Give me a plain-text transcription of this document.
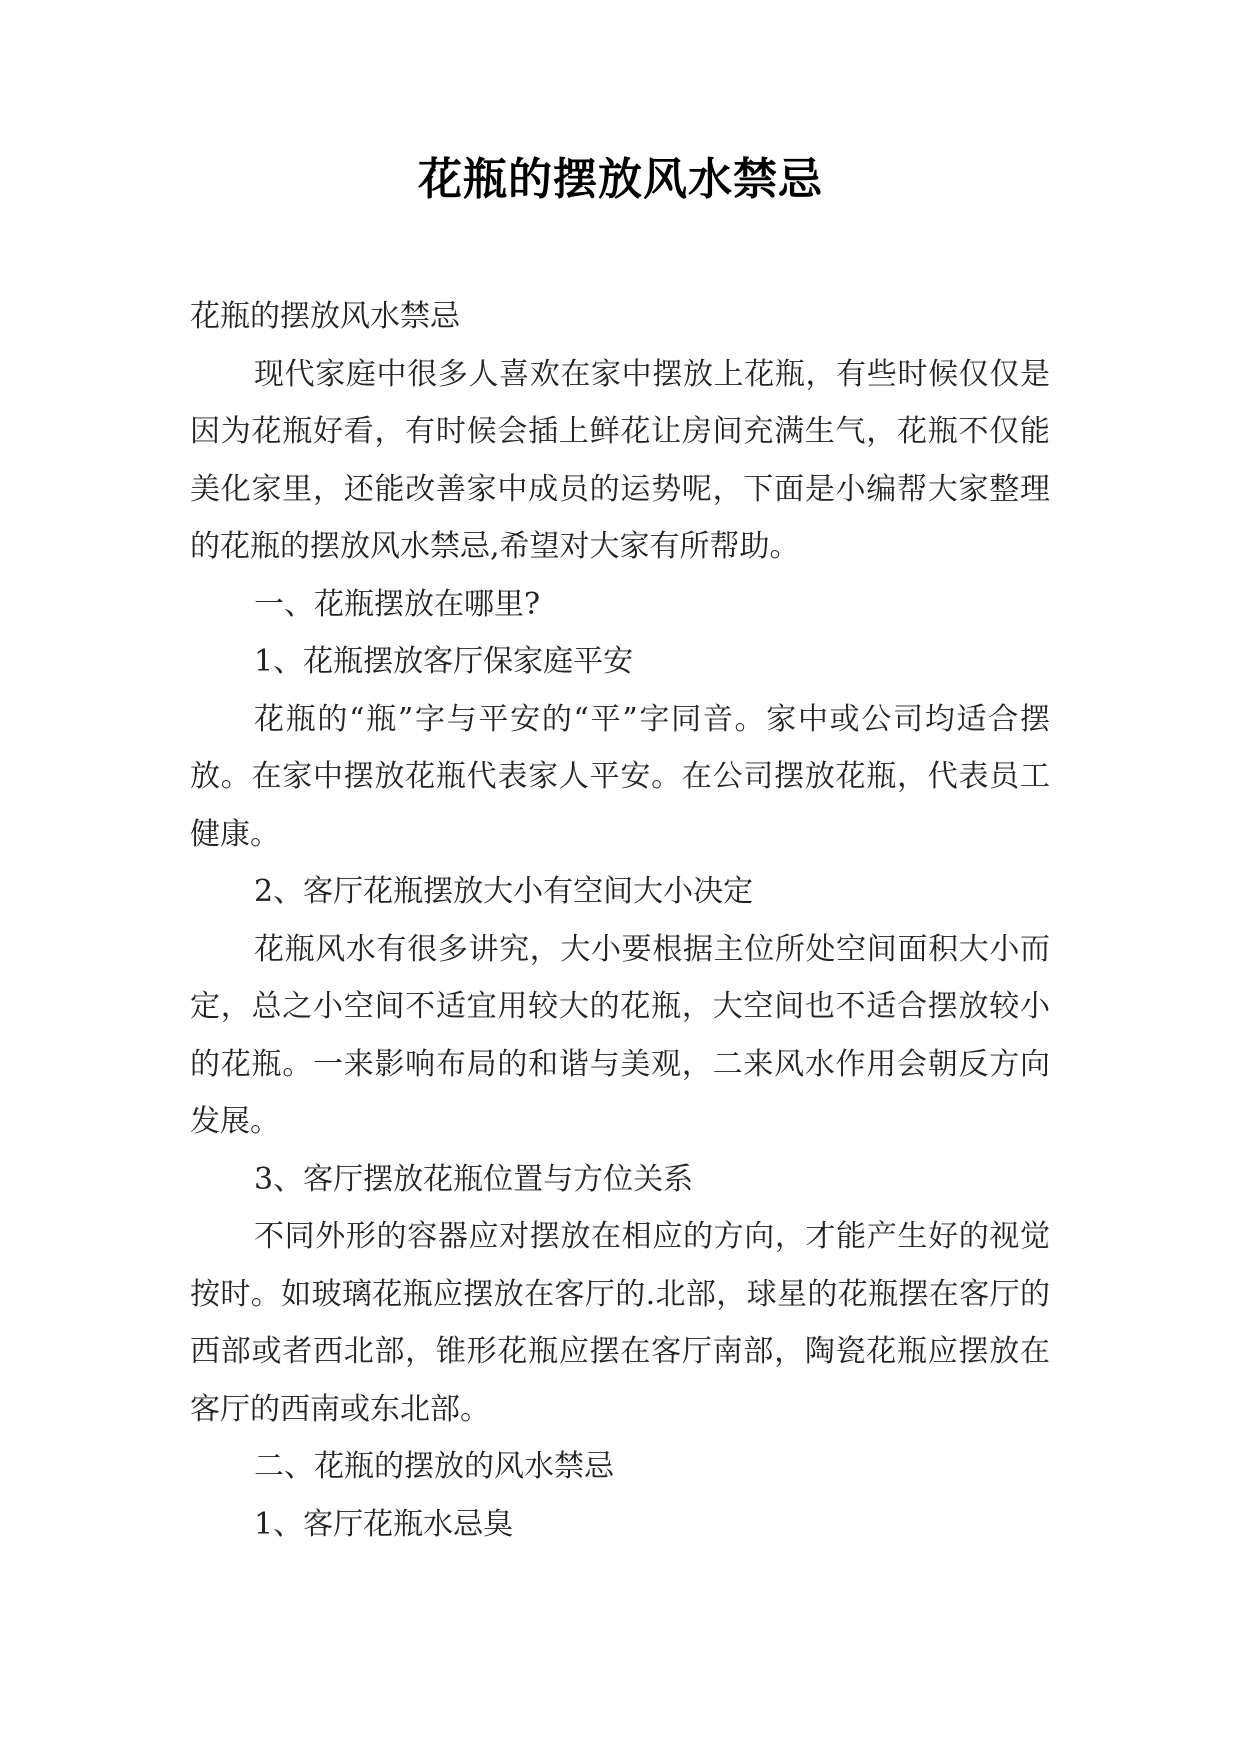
花瓶的摆放风水禁忌

花瓶的摆放风水禁忌

现代家庭中很多人喜欢在家中摆放上花瓶，有些时候仅仅是因为花瓶好看，有时候会插上鲜花让房间充满生气，花瓶不仅能美化家里，还能改善家中成员的运势呢，下面是小编帮大家整理的花瓶的摆放风水禁忌,希望对大家有所帮助。

一、花瓶摆放在哪里?

1、花瓶摆放客厅保家庭平安

花瓶的“瓶”字与平安的“平”字同音。家中或公司均适合摆放。在家中摆放花瓶代表家人平安。在公司摆放花瓶，代表员工健康。

2、客厅花瓶摆放大小有空间大小决定

花瓶风水有很多讲究，大小要根据主位所处空间面积大小而定，总之小空间不适宜用较大的花瓶，大空间也不适合摆放较小的花瓶。一来影响布局的和谐与美观，二来风水作用会朝反方向发展。

3、客厅摆放花瓶位置与方位关系

不同外形的容器应对摆放在相应的方向，才能产生好的视觉按时。如玻璃花瓶应摆放在客厅的.北部，球星的花瓶摆在客厅的西部或者西北部，锥形花瓶应摆在客厅南部，陶瓷花瓶应摆放在客厅的西南或东北部。

二、花瓶的摆放的风水禁忌

1、客厅花瓶水忌臭
